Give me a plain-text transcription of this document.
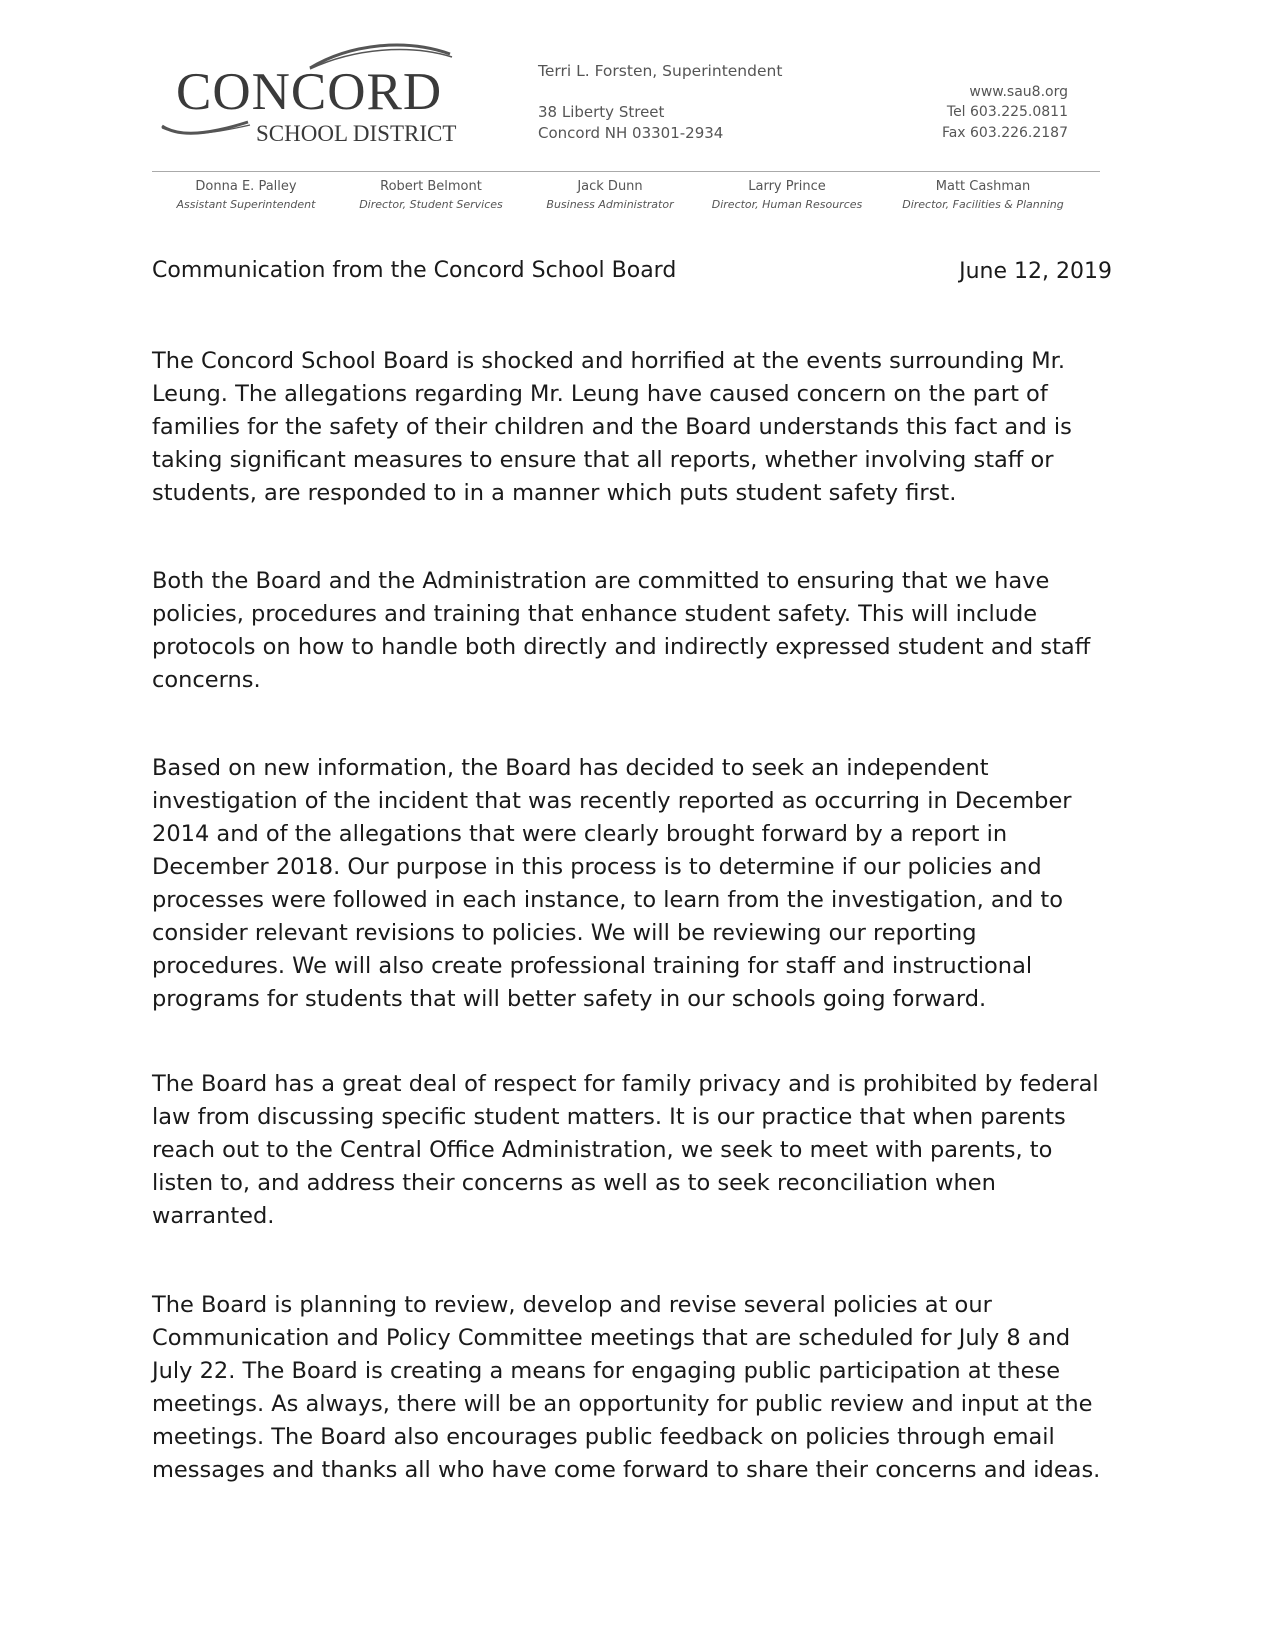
CONCORD
SCHOOL DISTRICT
Terri L. Forsten, Superintendent
38 Liberty Street
Concord NH 03301-2934
www.sau8.org
Tel 603.225.0811
Fax 603.226.2187
Donna E. Palley
Assistant Superintendent
Robert Belmont
Director, Student Services
Jack Dunn
Business Administrator
Larry Prince
Director, Human Resources
Matt Cashman
Director, Facilities & Planning
Communication from the Concord School Board	June 12, 2019
The Concord School Board is shocked and horrified at the events surrounding Mr.
Leung. The allegations regarding Mr. Leung have caused concern on the part of
families for the safety of their children and the Board understands this fact and is
taking significant measures to ensure that all reports, whether involving staff or
students, are responded to in a manner which puts student safety first.
Both the Board and the Administration are committed to ensuring that we have
policies, procedures and training that enhance student safety. This will include
protocols on how to handle both directly and indirectly expressed student and staff
concerns.
Based on new information, the Board has decided to seek an independent
investigation of the incident that was recently reported as occurring in December
2014 and of the allegations that were clearly brought forward by a report in
December 2018. Our purpose in this process is to determine if our policies and
processes were followed in each instance, to learn from the investigation, and to
consider relevant revisions to policies. We will be reviewing our reporting
procedures. We will also create professional training for staff and instructional
programs for students that will better safety in our schools going forward.
The Board has a great deal of respect for family privacy and is prohibited by federal
law from discussing specific student matters. It is our practice that when parents
reach out to the Central Office Administration, we seek to meet with parents, to
listen to, and address their concerns as well as to seek reconciliation when
warranted.
The Board is planning to review, develop and revise several policies at our
Communication and Policy Committee meetings that are scheduled for July 8 and
July 22. The Board is creating a means for engaging public participation at these
meetings. As always, there will be an opportunity for public review and input at the
meetings. The Board also encourages public feedback on policies through email
messages and thanks all who have come forward to share their concerns and ideas.
